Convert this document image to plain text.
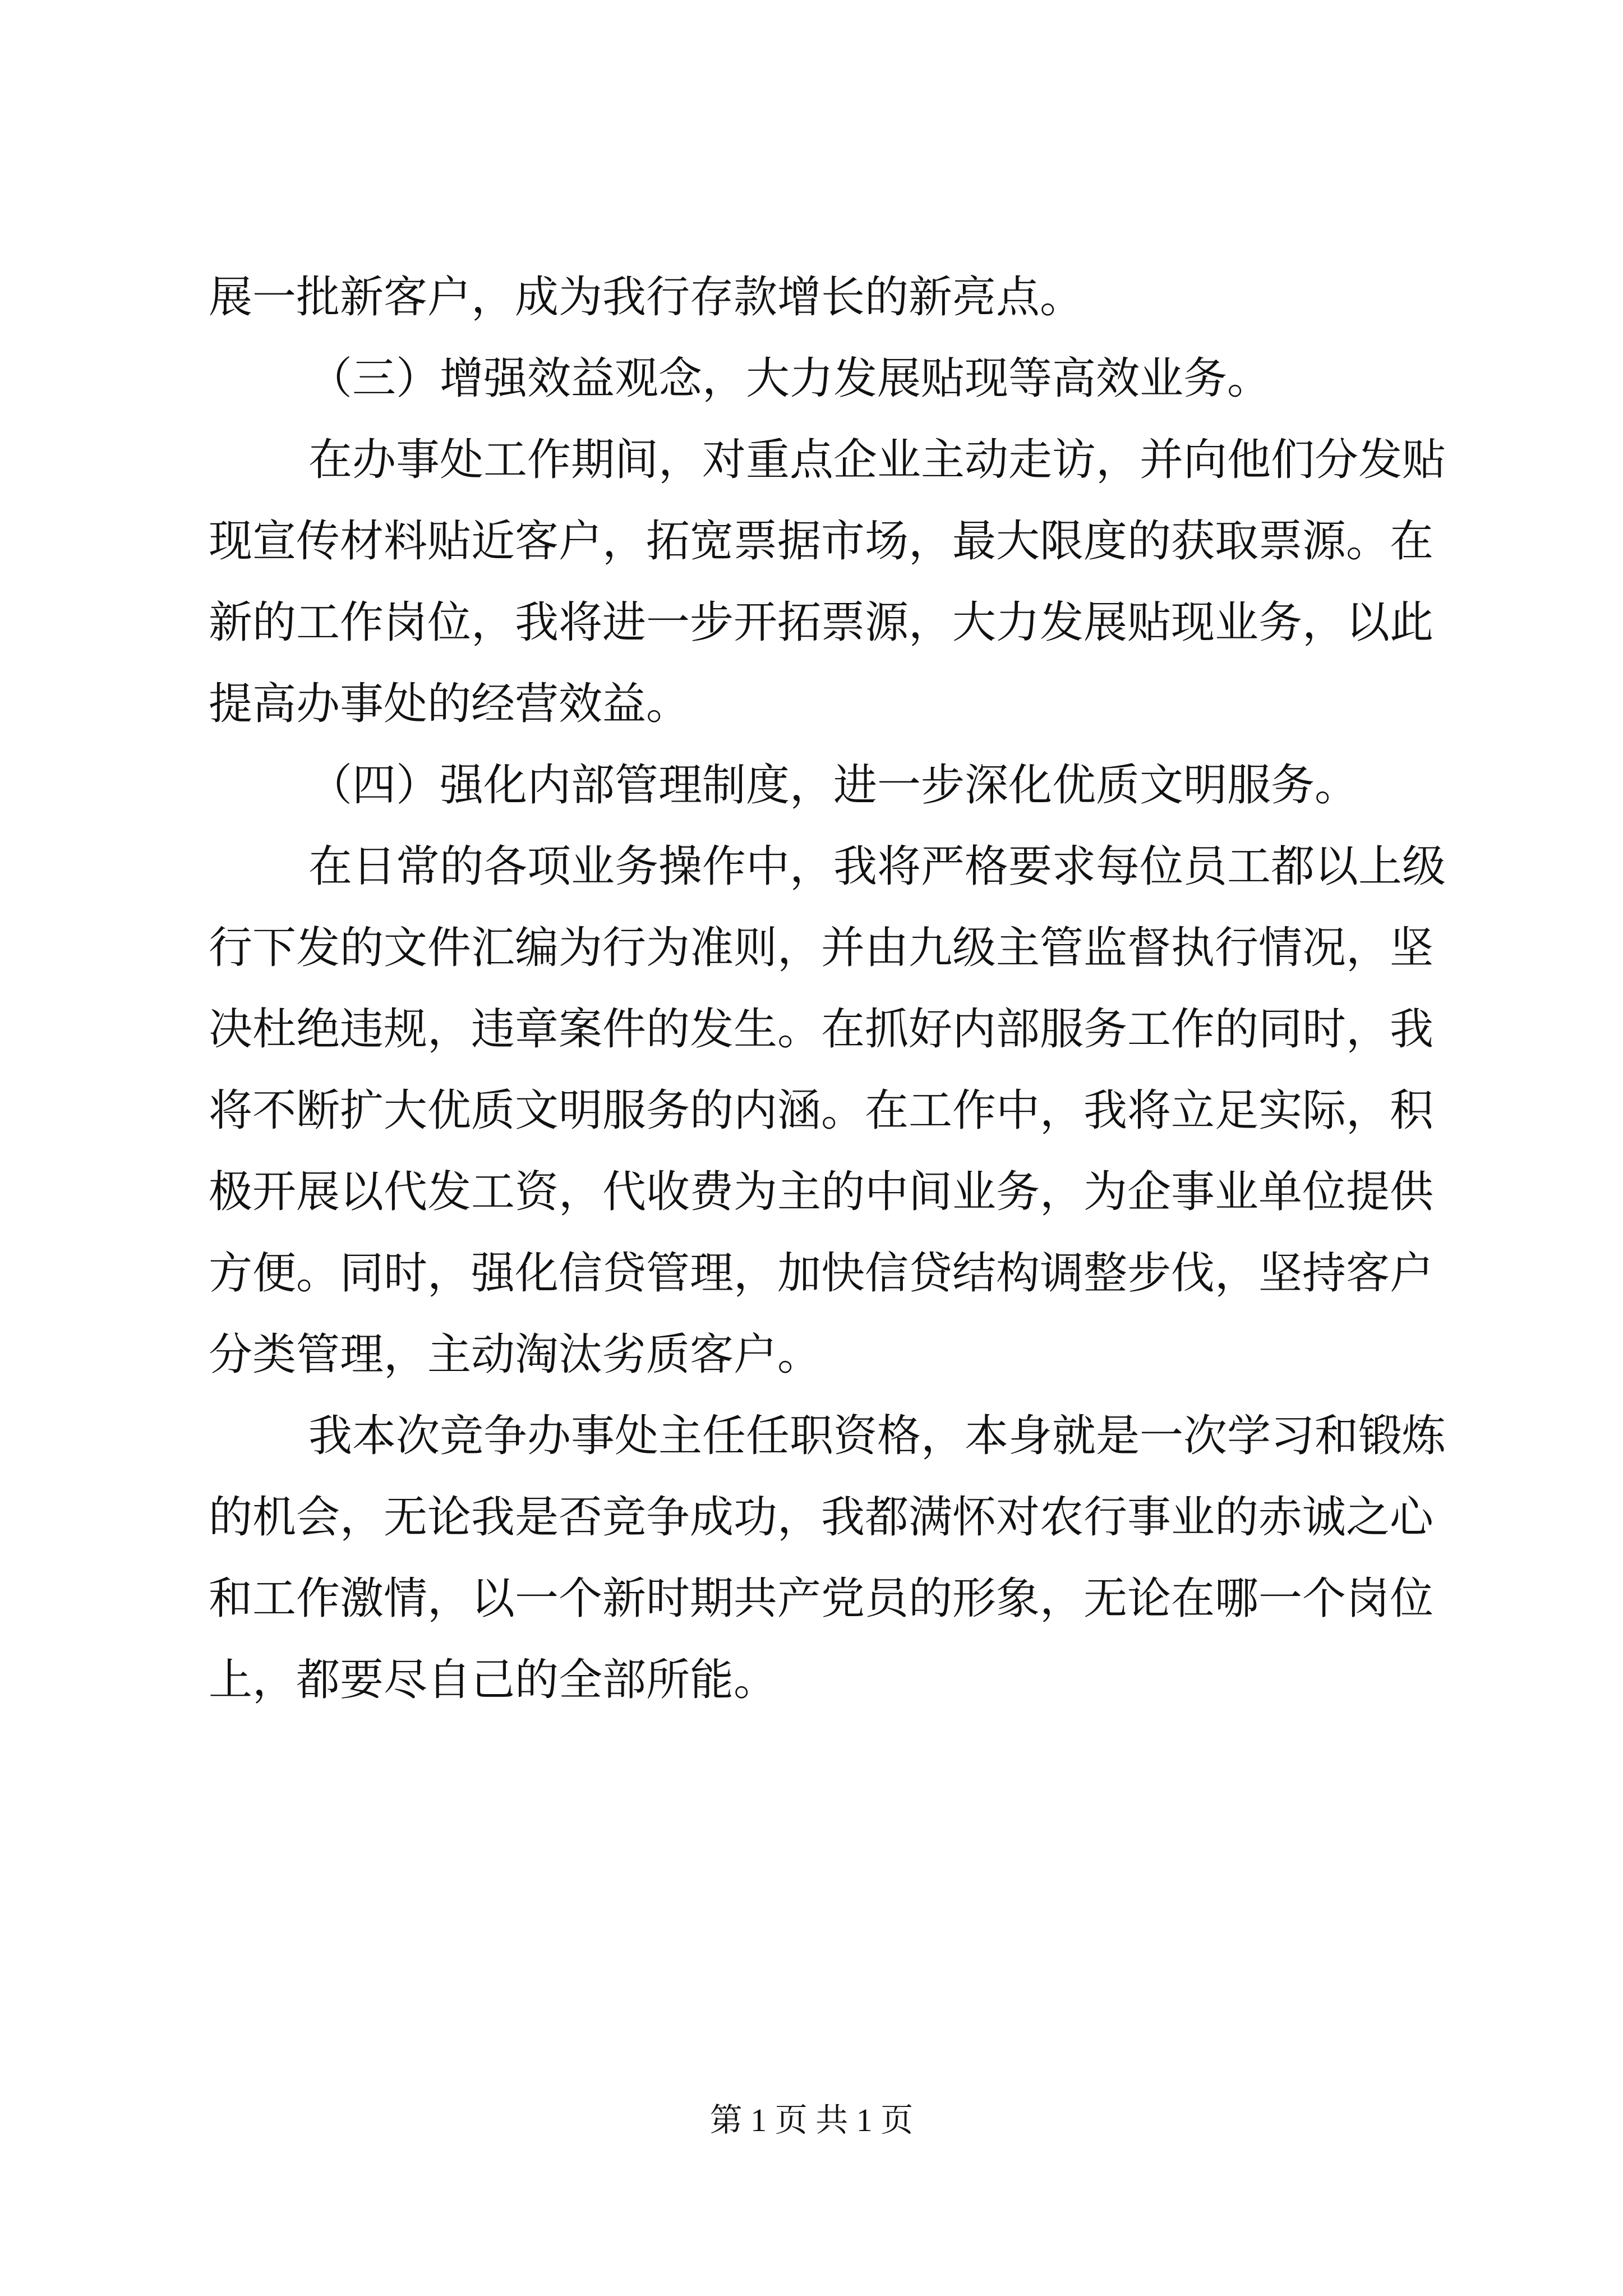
展一批新客户，成为我行存款增长的新亮点。
（三）增强效益观念，大力发展贴现等高效业务。
在办事处工作期间，对重点企业主动走访，并向他们分发贴
现宣传材料贴近客户，拓宽票据市场，最大限度的获取票源。在
新的工作岗位，我将进一步开拓票源，大力发展贴现业务，以此
提高办事处的经营效益。
（四）强化内部管理制度，进一步深化优质文明服务。
在日常的各项业务操作中，我将严格要求每位员工都以上级
行下发的文件汇编为行为准则，并由九级主管监督执行情况，坚
决杜绝违规，违章案件的发生。在抓好内部服务工作的同时，我
将不断扩大优质文明服务的内涵。在工作中，我将立足实际，积
极开展以代发工资，代收费为主的中间业务，为企事业单位提供
方便。同时，强化信贷管理，加快信贷结构调整步伐，坚持客户
分类管理，主动淘汰劣质客户。
我本次竞争办事处主任任职资格，本身就是一次学习和锻炼
的机会，无论我是否竞争成功，我都满怀对农行事业的赤诚之心
和工作激情，以一个新时期共产党员的形象，无论在哪一个岗位
上，都要尽自己的全部所能。
第 1 页 共 1 页
